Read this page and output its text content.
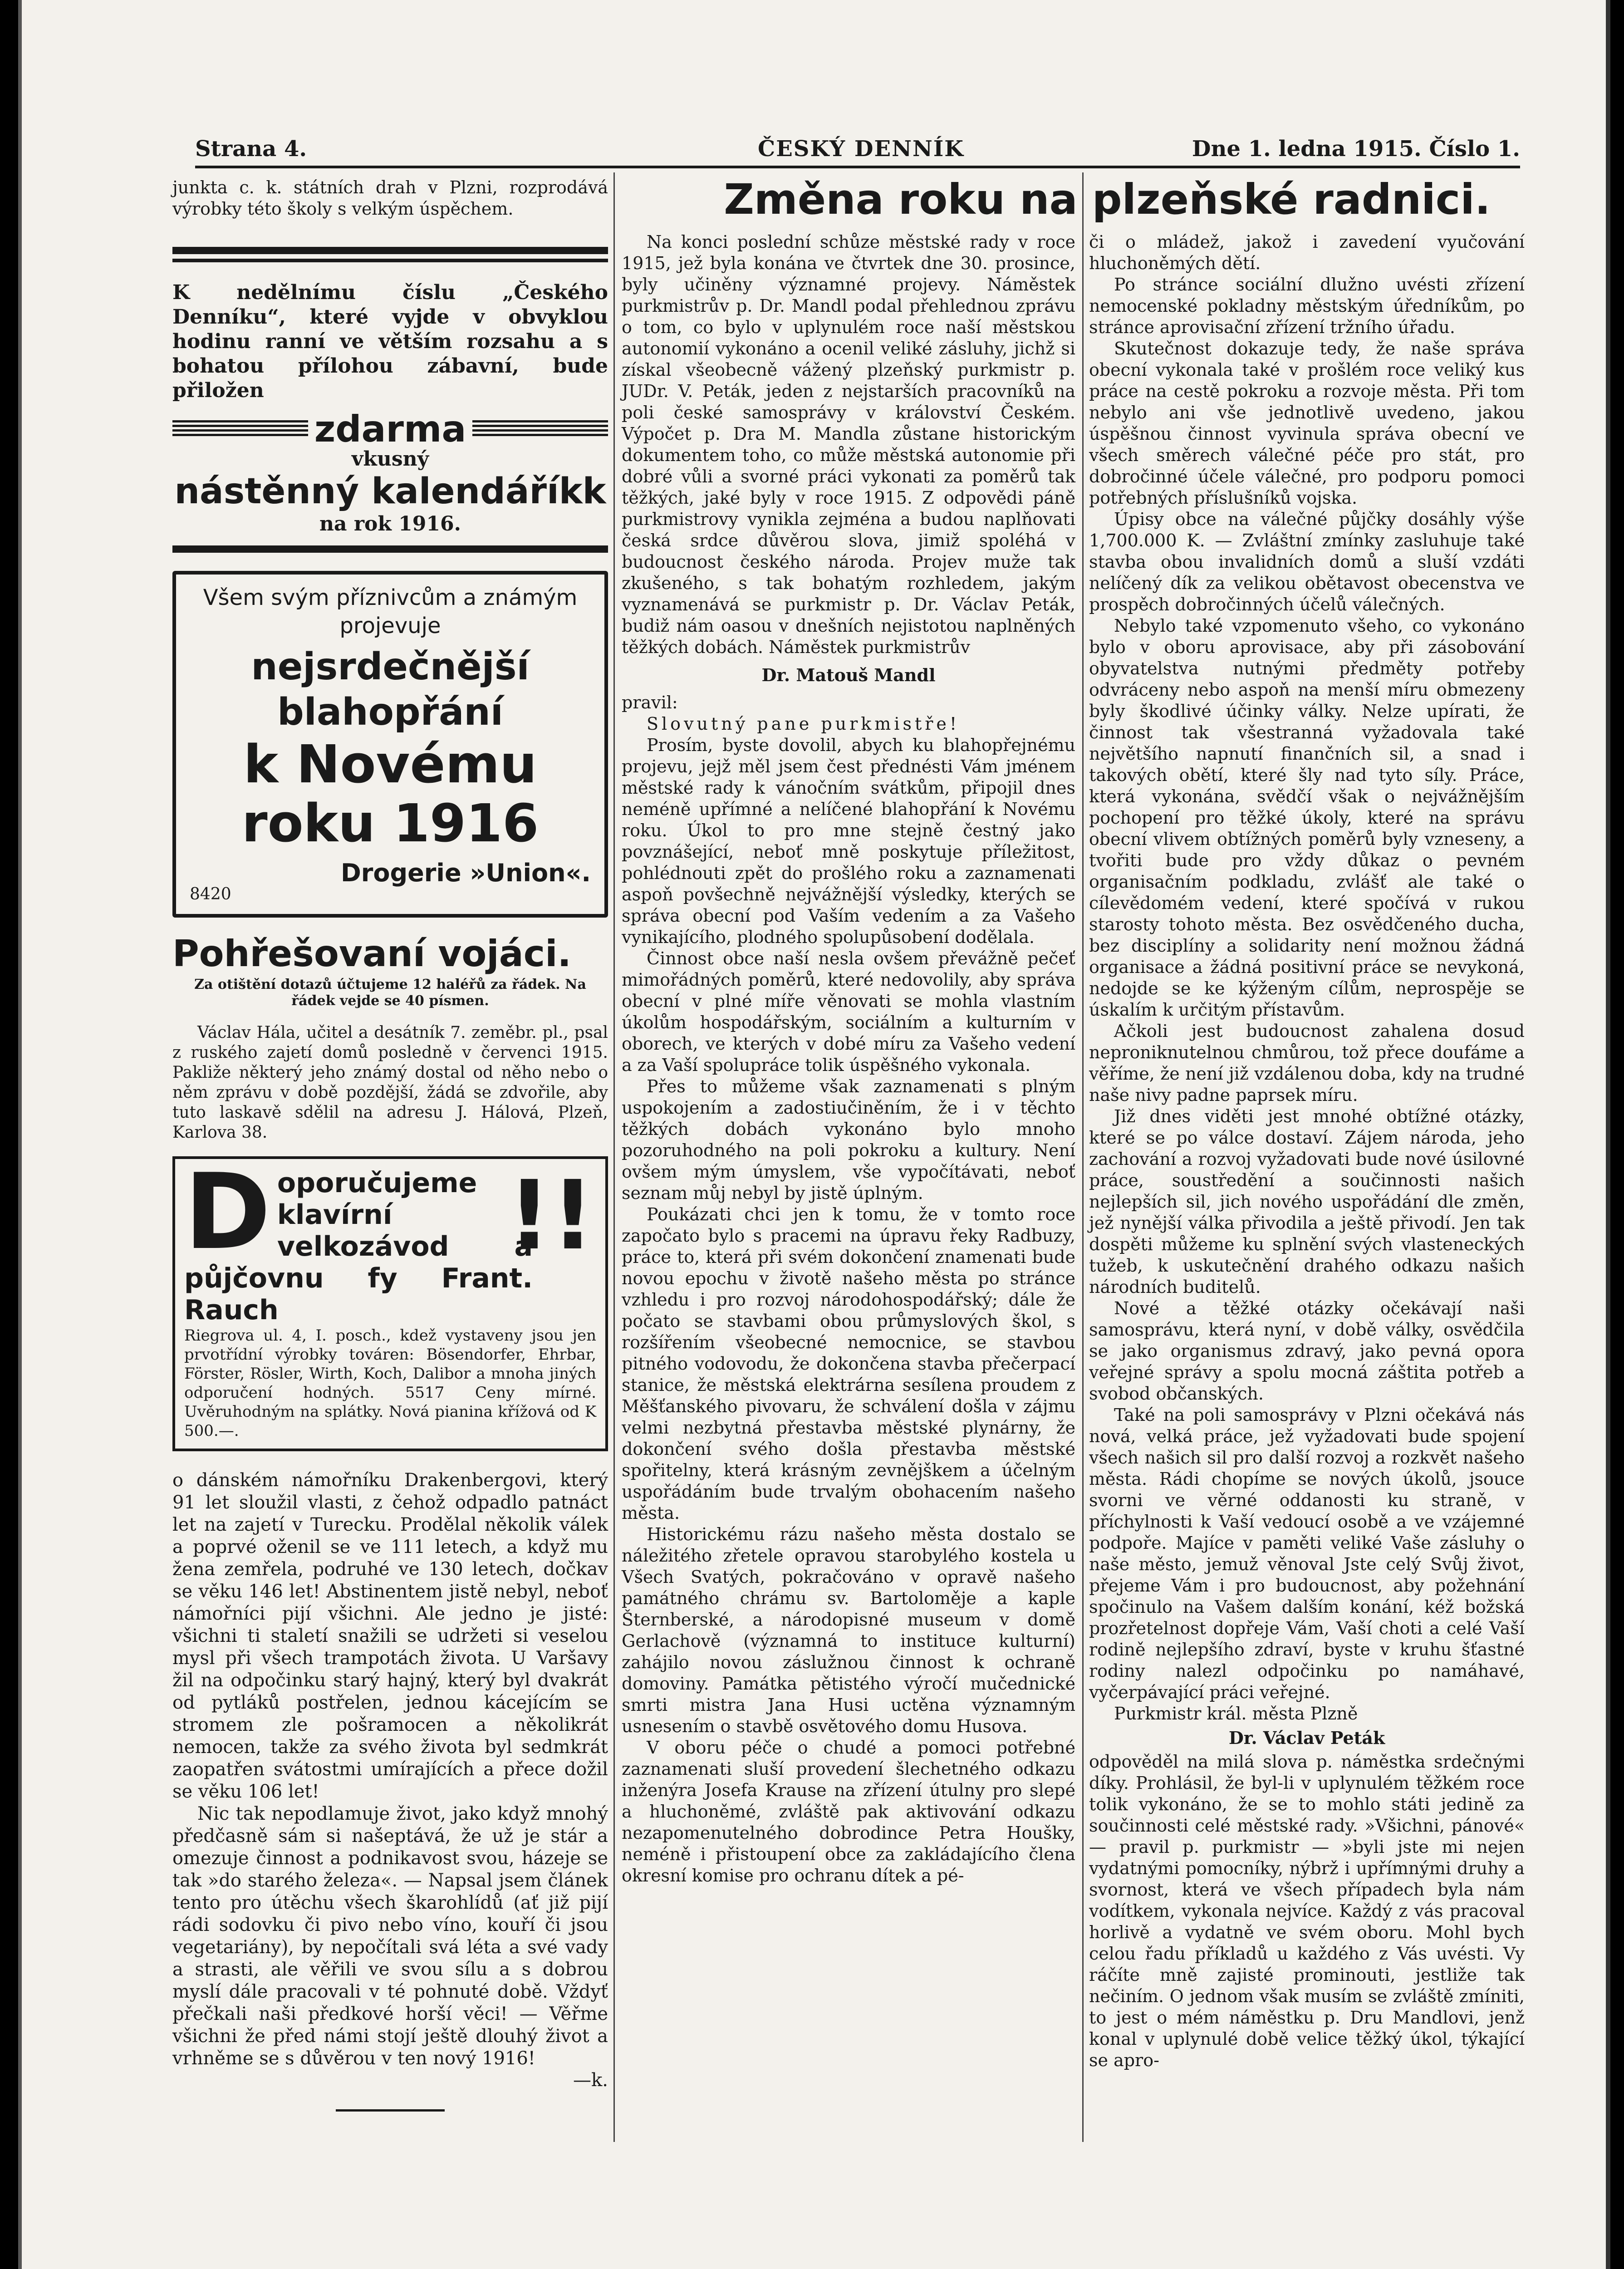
Strana 4.	ČESKÝ DENNÍK	Dne 1. ledna 1915. Číslo 1.

junkta c. k. státních drah v Plzni, rozprodává výrobky této školy s velkým úspěchem.

K nedělnímu číslu „Českého Denníku“, které vyjde v obvyklou hodinu ranní ve větším rozsahu a s bohatou přílohou zábavní, bude přiložen
zdarma
vkusný
nástěnný kalendáříkk
na rok 1916.
Všem svým příznivcům a známým projevuje
nejsrdečnější blahopřání
k Novému roku 1916
Drogerie »Union«.
8420
Pohřešovaní vojáci.

Za otištění dotazů účtujeme 12 haléřů za řádek. Na řádek vejde se 40 písmen.

Václav Hála, učitel a desátník 7. zeměbr. pl., psal z ruského zajetí domů posledně v červenci 1915. Pakliže některý jeho známý dostal od něho nebo o něm zprávu v době pozdější, žádá se zdvořile, aby tuto laskavě sdělil na adresu J. Hálová, Plzeň, Karlova 38.

D !!
oporučujeme klavírní velkozávod a půjčovnu fy Frant. Rauch
Riegrova ul. 4, I. posch., kdež vystaveny jsou jen prvotřídní výrobky továren: Bösendorfer, Ehrbar, Förster, Rösler, Wirth, Koch, Dalibor a mnoha jiných odporučení hodných. 5517 Ceny mírné. Uvěruhodným na splátky. Nová pianina křížová od K 500.—.

o dánském námořníku Drakenbergovi, který 91 let sloužil vlasti, z čehož odpadlo patnáct let na zajetí v Turecku. Prodělal několik válek a poprvé oženil se ve 111 letech, a když mu žena zemřela, podruhé ve 130 letech, dočkav se věku 146 let! Abstinentem jistě nebyl, neboť námořníci pijí všichni. Ale jedno je jisté: všichni ti staletí snažili se udržeti si veselou mysl při všech trampotách života. U Varšavy žil na odpočinku starý hajný, který byl dvakrát od pytláků postřelen, jednou kácejícím se stromem zle pošramocen a několikrát nemocen, takže za svého života byl sedmkrát zaopatřen svátostmi umírajících a přece dožil se věku 106 let!

Nic tak nepodlamuje život, jako když mnohý předčasně sám si našeptává, že už je stár a omezuje činnost a podnikavost svou, házeje se tak »do starého železa«. — Napsal jsem článek tento pro útěchu všech škarohlídů (ať již pijí rádi sodovku či pivo nebo víno, kouří či jsou vegetariány), by nepočítali svá léta a své vady a strasti, ale věřili ve svou sílu a s dobrou myslí dále pracovali v té pohnuté době. Vždyť přečkali naši předkové horší věci! — Věřme všichni že před námi stojí ještě dlouhý život a vrhněme se s důvěrou v ten nový 1916!

—k.
Změna roku na plzeňské radnici.

Na konci poslední schůze městské rady v roce 1915, jež byla konána ve čtvrtek dne 30. prosince, byly učiněny významné projevy. Náměstek purkmistrův p. Dr. Mandl podal přehlednou zprávu o tom, co bylo v uplynulém roce naší městskou autonomií vykonáno a ocenil veliké zásluhy, jichž si získal všeobecně vážený plzeňský purkmistr p. JUDr. V. Peták, jeden z nejstarších pracovníků na poli české samosprávy v království Českém. Výpočet p. Dra M. Mandla zůstane historickým dokumentem toho, co může městská autonomie při dobré vůli a svorné práci vykonati za poměrů tak těžkých, jaké byly v roce 1915. Z odpovědi páně purkmistrovy vynikla zejména a budou naplňovati česká srdce důvěrou slova, jimiž spoléhá v budoucnost českého národa. Projev muže tak zkušeného, s tak bohatým rozhledem, jakým vyznamenává se purkmistr p. Dr. Václav Peták, budiž nám oasou v dnešních nejistotou naplněných těžkých dobách. Náměstek purkmistrův

Dr. Matouš Mandl

pravil:

Slovutný pane purkmistře!

Prosím, byste dovolil, abych ku blahopřejnému projevu, jejž měl jsem čest přednésti Vám jménem městské rady k vánočním svátkům, připojil dnes neméně upřímné a nelíčené blahopřání k Novému roku. Úkol to pro mne stejně čestný jako povznášející, neboť mně poskytuje příležitost, pohlédnouti zpět do prošlého roku a zaznamenati aspoň povšechně nejvážnější výsledky, kterých se správa obecní pod Vaším vedením a za Vašeho vynikajícího, plodného spolupůsobení dodělala.

Činnost obce naší nesla ovšem převážně pečeť mimořádných poměrů, které nedovolily, aby správa obecní v plné míře věnovati se mohla vlastním úkolům hospodářským, sociálním a kulturním v oborech, ve kterých v dobé míru za Vašeho vedení a za Vaší spolupráce tolik úspěšného vykonala.

Přes to můžeme však zaznamenati s plným uspokojením a zadostiučiněním, že i v těchto těžkých dobách vykonáno bylo mnoho pozoruhodného na poli pokroku a kultury. Není ovšem mým úmyslem, vše vypočítávati, neboť seznam můj nebyl by jistě úplným.

Poukázati chci jen k tomu, že v tomto roce započato bylo s pracemi na úpravu řeky Radbuzy, práce to, která při svém dokončení znamenati bude novou epochu v životě našeho města po stránce vzhledu i pro rozvoj národohospodářský; dále že počato se stavbami obou průmyslových škol, s rozšířením všeobecné nemocnice, se stavbou pitného vodovodu, že dokončena stavba přečerpací stanice, že městská elektrárna sesílena proudem z Měšťanského pivovaru, že schválení došla v zájmu velmi nezbytná přestavba městské plynárny, že dokončení svého došla přestavba městské spořitelny, která krásným zevnějškem a účelným uspořádáním bude trvalým obohacením našeho města.

Historickému rázu našeho města dostalo se náležitého zřetele opravou starobylého kostela u Všech Svatých, pokračováno v opravě našeho památného chrámu sv. Bartoloměje a kaple Šternberské, a národopisné museum v domě Gerlachově (významná to instituce kulturní) zahájilo novou záslužnou činnost k ochraně domoviny. Památka pětistého výročí mučednické smrti mistra Jana Husi uctěna významným usnesením o stavbě osvětového domu Husova.

V oboru péče o chudé a pomoci potřebné zaznamenati sluší provedení šlechetného odkazu inženýra Josefa Krause na zřízení útulny pro slepé a hluchoněmé, zvláště pak aktivování odkazu nezapomenutelného dobrodince Petra Houšky, neméně i přistoupení obce za zakládajícího člena okresní komise pro ochranu dítek a pé-

či o mládež, jakož i zavedení vyučování hluchoněmých dětí.

Po stránce sociální dlužno uvésti zřízení nemocenské pokladny městským úředníkům, po stránce aprovisační zřízení tržního úřadu.

Skutečnost dokazuje tedy, že naše správa obecní vykonala také v prošlém roce veliký kus práce na cestě pokroku a rozvoje města. Při tom nebylo ani vše jednotlivě uvedeno, jakou úspěšnou činnost vyvinula správa obecní ve všech směrech válečné péče pro stát, pro dobročinné účele válečné, pro podporu pomoci potřebných příslušníků vojska.

Úpisy obce na válečné půjčky dosáhly výše 1,700.000 K. — Zvláštní zmínky zasluhuje také stavba obou invalidních domů a sluší vzdáti nelíčený dík za velikou obětavost obecenstva ve prospěch dobročinných účelů válečných.

Nebylo také vzpomenuto všeho, co vykonáno bylo v oboru aprovisace, aby při zásobování obyvatelstva nutnými předměty potřeby odvráceny nebo aspoň na menší míru obmezeny byly škodlivé účinky války. Nelze upírati, že činnost tak všestranná vyžadovala také největšího napnutí finančních sil, a snad i takových obětí, které šly nad tyto síly. Práce, která vykonána, svědčí však o nejvážnějším pochopení pro těžké úkoly, které na správu obecní vlivem obtížných poměrů byly vzneseny, a tvořiti bude pro vždy důkaz o pevném organisačním podkladu, zvlášť ale také o cílevědomém vedení, které spočívá v rukou starosty tohoto města. Bez osvědčeného ducha, bez disciplíny a solidarity není možnou žádná organisace a žádná positivní práce se nevykoná, nedojde se ke kýženým cílům, neprospěje se úskalím k určitým přístavům.

Ačkoli jest budoucnost zahalena dosud neproniknutelnou chmůrou, tož přece doufáme a věříme, že není již vzdálenou doba, kdy na trudné naše nivy padne paprsek míru.

Již dnes viděti jest mnohé obtížné otázky, které se po válce dostaví. Zájem národa, jeho zachování a rozvoj vyžadovati bude nové úsilovné práce, soustředění a součinnosti našich nejlepších sil, jich nového uspořádání dle změn, jež nynější válka přivodila a ještě přivodí. Jen tak dospěti můžeme ku splnění svých vlasteneckých tužeb, k uskutečnění drahého odkazu našich národních buditelů.

Nové a těžké otázky očekávají naši samosprávu, která nyní, v době války, osvědčila se jako organismus zdravý, jako pevná opora veřejné správy a spolu mocná záštita potřeb a svobod občanských.

Také na poli samosprávy v Plzni očekává nás nová, velká práce, jež vyžadovati bude spojení všech našich sil pro další rozvoj a rozkvět našeho města. Rádi chopíme se nových úkolů, jsouce svorni ve věrné oddanosti ku straně, v příchylnosti k Vaší vedoucí osobě a ve vzájemné podpoře. Majíce v paměti veliké Vaše zásluhy o naše město, jemuž věnoval Jste celý Svůj život, přejeme Vám i pro budoucnost, aby požehnání spočinulo na Vašem dalším konání, kéž božská prozřetelnost dopřeje Vám, Vaší choti a celé Vaší rodině nejlepšího zdraví, byste v kruhu šťastné rodiny nalezl odpočinku po namáhavé, vyčerpávající práci veřejné.

Purkmistr král. města Plzně

Dr. Václav Peták

odpověděl na milá slova p. náměstka srdečnými díky. Prohlásil, že byl-li v uplynulém těžkém roce tolik vykonáno, že se to mohlo státi jedině za součinnosti celé městské rady. »Všichni, pánové« — pravil p. purkmistr — »byli jste mi nejen vydatnými pomocníky, nýbrž i upřímnými druhy a svornost, která ve všech případech byla nám vodítkem, vykonala nejvíce. Každý z vás pracoval horlivě a vydatně ve svém oboru. Mohl bych celou řadu příkladů u každého z Vás uvésti. Vy ráčíte mně zajisté prominouti, jestliže tak nečiním. O jednom však musím se zvláště zmíniti, to jest o mém náměstku p. Dru Mandlovi, jenž konal v uplynulé době velice těžký úkol, týkající se apro-
